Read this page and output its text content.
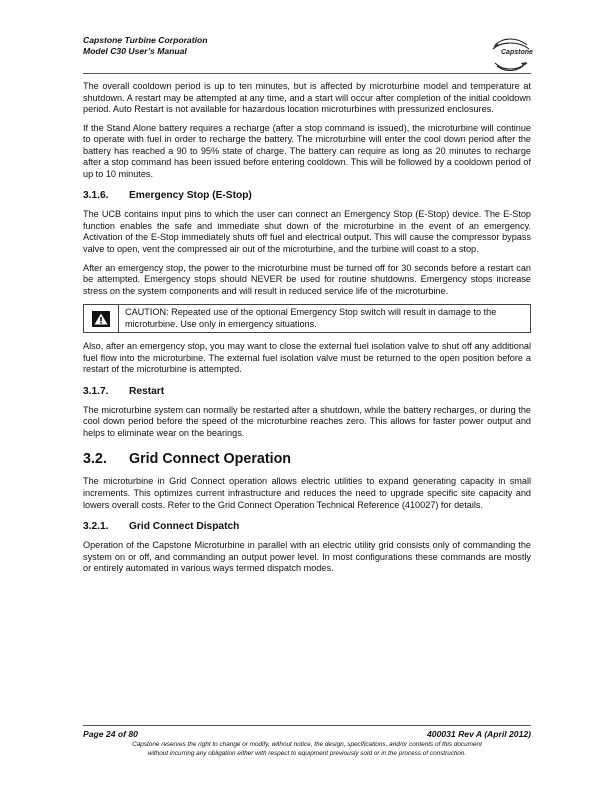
Capstone Turbine Corporation
Model C30 User’s Manual	Capstone

The overall cooldown period is up to ten minutes, but is affected by microturbine model and temperature at shutdown. A restart may be attempted at any time, and a start will occur after completion of the initial cooldown period. Auto Restart is not available for hazardous location microturbines with pressurized enclosures.

If the Stand Alone battery requires a recharge (after a stop command is issued), the microturbine will continue to operate with fuel in order to recharge the battery. The microturbine will enter the cool down period after the battery has reached a 90 to 95% state of charge. The battery can require as long as 20 minutes to recharge after a stop command has been issued before entering cooldown. This will be followed by a cooldown period of up to 10 minutes.

3.1.6. Emergency Stop (E-Stop)

The UCB contains input pins to which the user can connect an Emergency Stop (E-Stop) device. The E-Stop function enables the safe and immediate shut down of the microturbine in the event of an emergency. Activation of the E-Stop immediately shuts off fuel and electrical output. This will cause the compressor bypass valve to open, vent the compressed air out of the microturbine, and the turbine will coast to a stop.

After an emergency stop, the power to the microturbine must be turned off for 30 seconds before a restart can be attempted. Emergency stops should NEVER be used for routine shutdowns. Emergency stops increase stress on the system components and will result in reduced service life of the microturbine.

CAUTION: Repeated use of the optional Emergency Stop switch will result in damage to the microturbine. Use only in emergency situations.

Also, after an emergency stop, you may want to close the external fuel isolation valve to shut off any additional fuel flow into the microturbine. The external fuel isolation valve must be returned to the open position before a restart of the microturbine is attempted.

3.1.7. Restart

The microturbine system can normally be restarted after a shutdown, while the battery recharges, or during the cool down period before the speed of the microturbine reaches zero. This allows for faster power output and helps to eliminate wear on the bearings.

3.2. Grid Connect Operation

The microturbine in Grid Connect operation allows electric utilities to expand generating capacity in small increments. This optimizes current infrastructure and reduces the need to upgrade specific site capacity and lowers overall costs. Refer to the Grid Connect Operation Technical Reference (410027) for details.

3.2.1. Grid Connect Dispatch

Operation of the Capstone Microturbine in parallel with an electric utility grid consists only of commanding the system on or off, and commanding an output power level. In most configurations these commands are mostly or entirely automated in various ways termed dispatch modes.

Page 24 of 80	400031 Rev A (April 2012)
Capstone reserves the right to change or modify, without notice, the design, specifications, and/or contents of this document
without incurring any obligation either with respect to equipment previously sold or in the process of construction.
